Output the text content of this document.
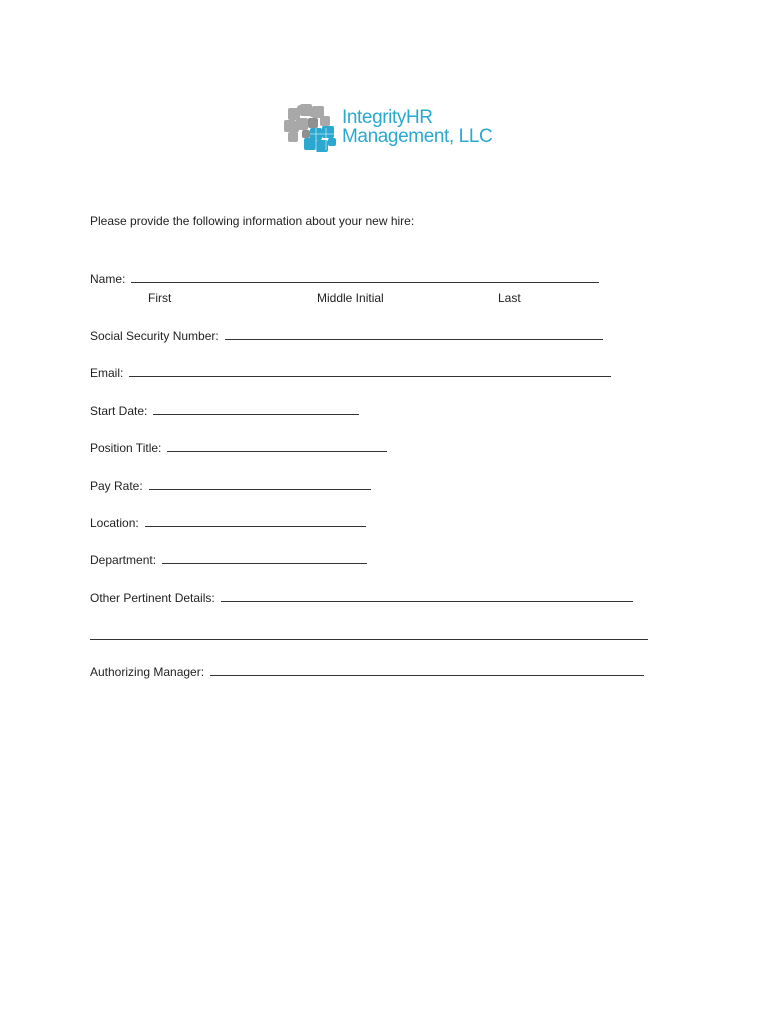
IntegrityHR
Management, LLC
Please provide the following information about your new hire:
Name:
First	Middle Initial	Last
Social Security Number:
Email:
Start Date:
Position Title:
Pay Rate:
Location:
Department:
Other Pertinent Details:
Authorizing Manager:
